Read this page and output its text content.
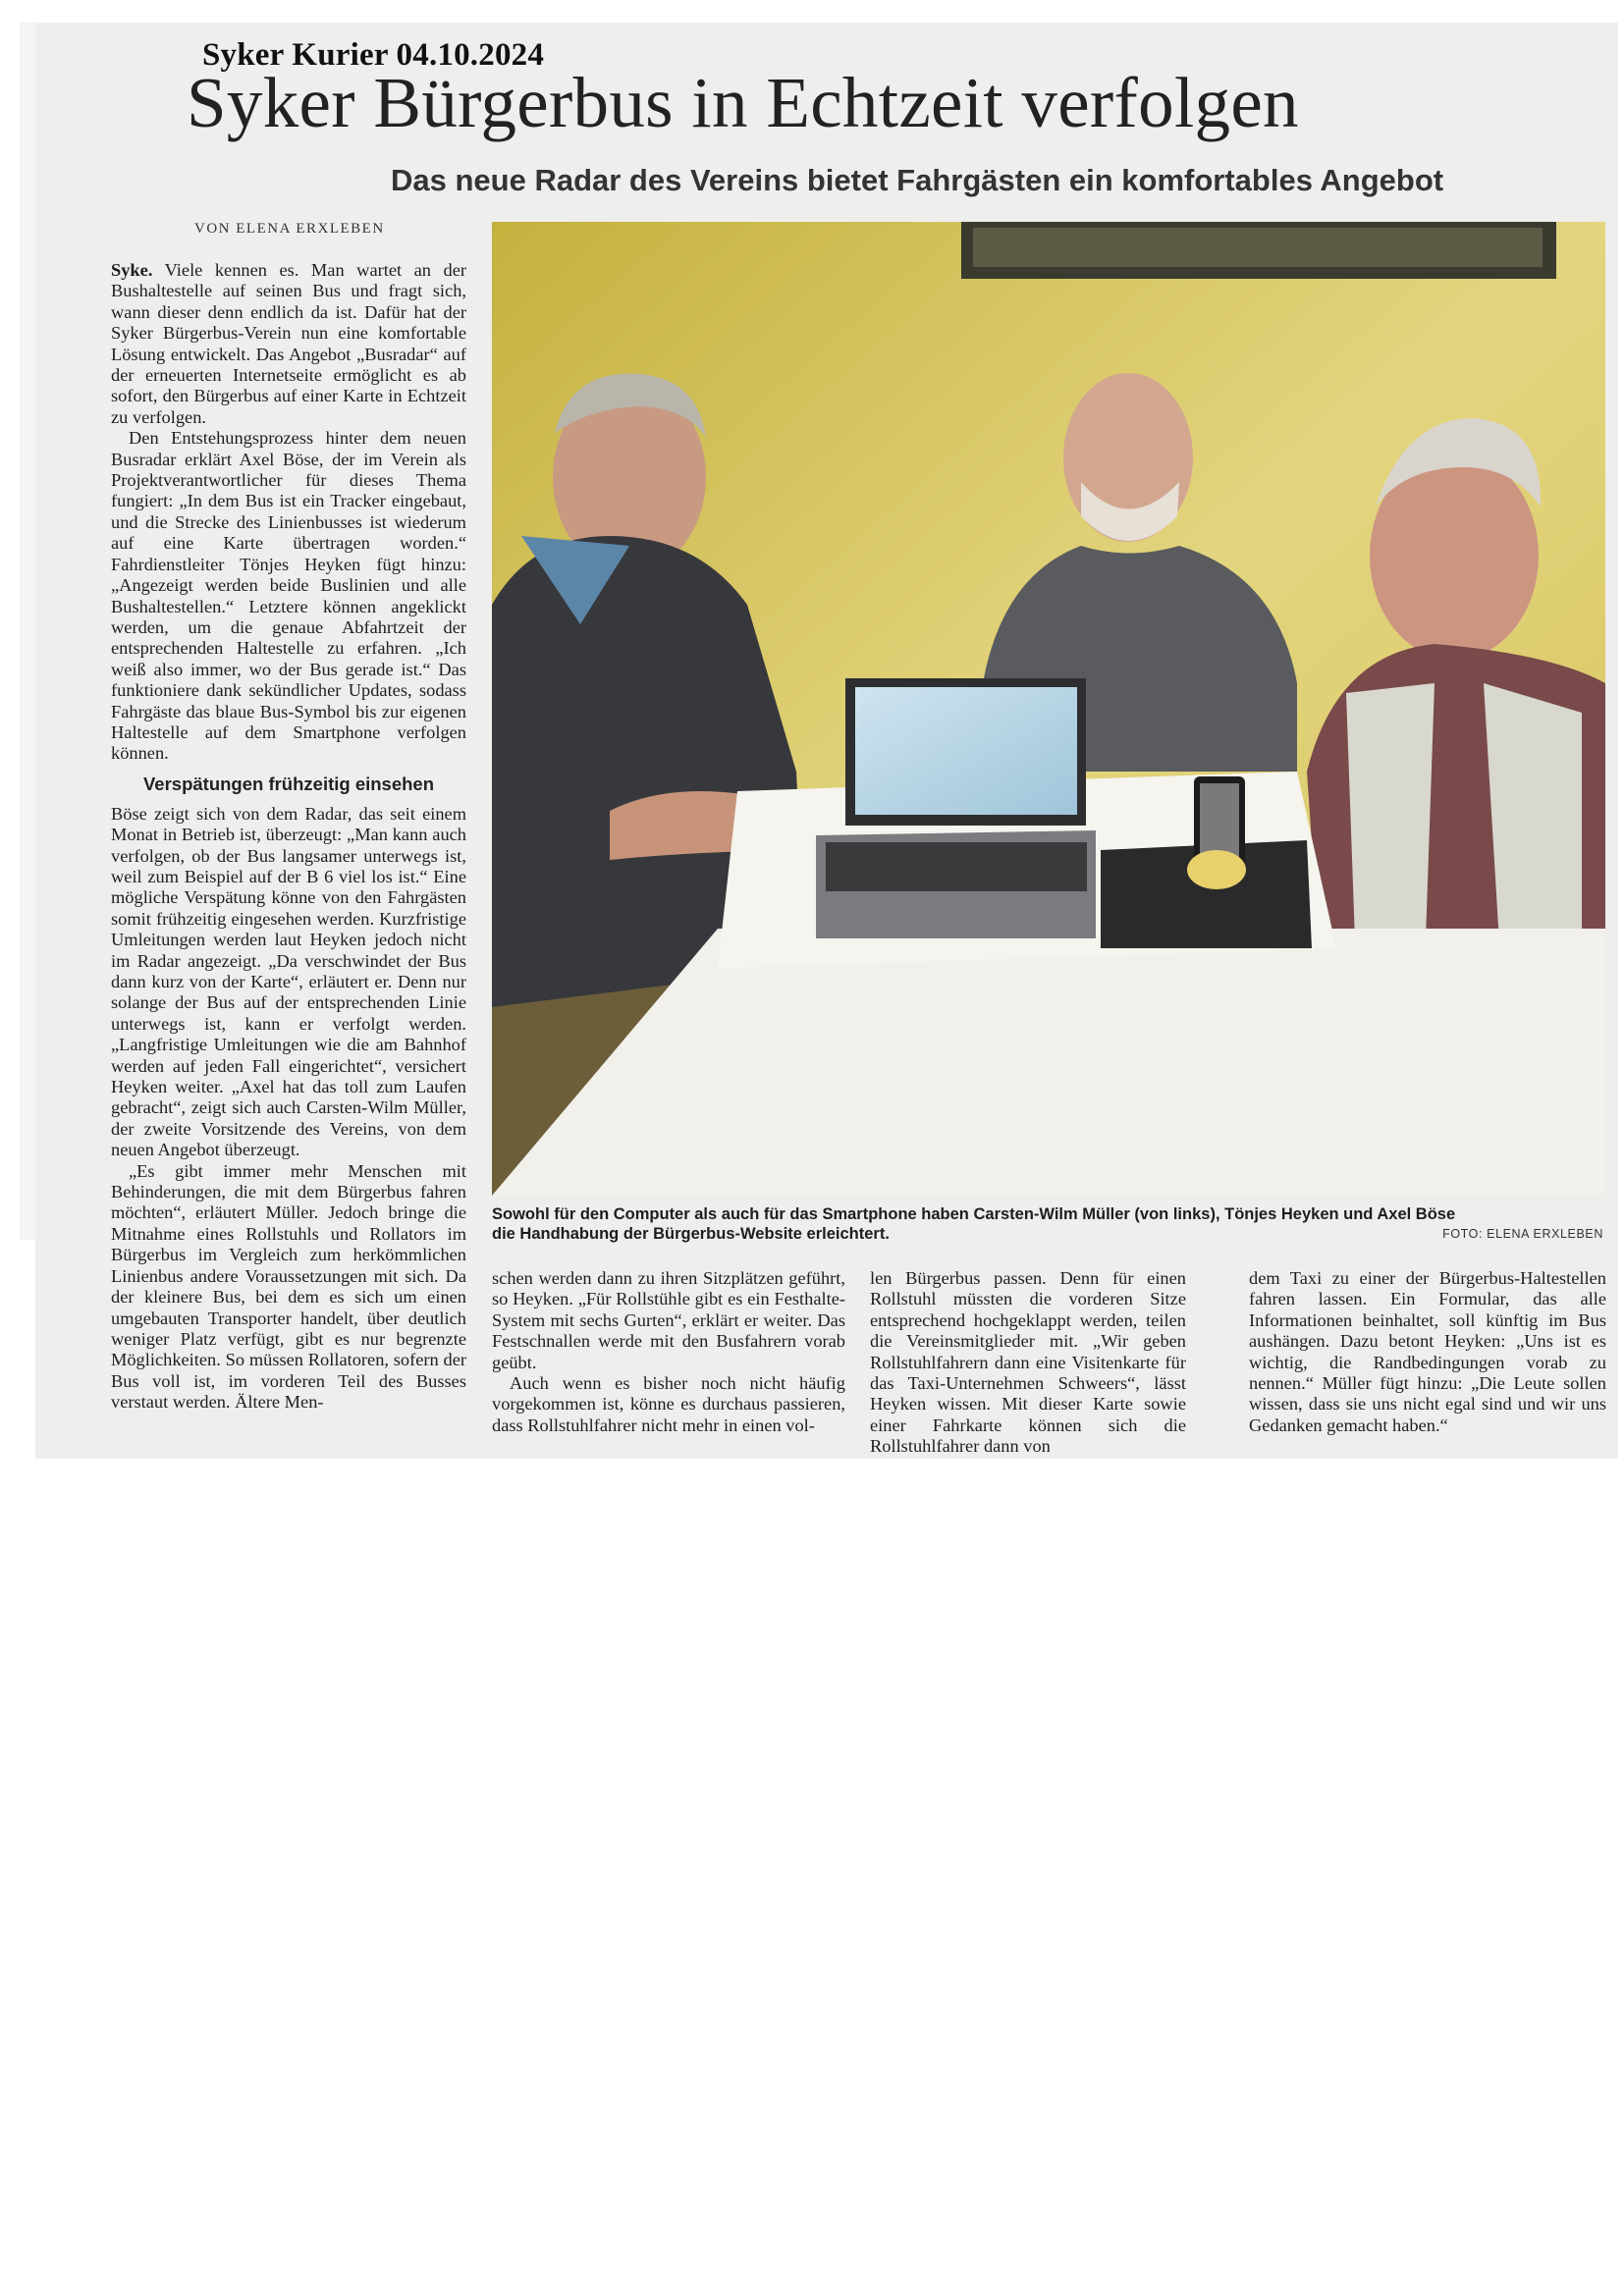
Syker Kurier 04.10.2024
Syker Bürgerbus in Echtzeit verfolgen
Das neue Radar des Vereins bietet Fahrgästen ein komfortables Angebot
VON ELENA ERXLEBEN

Syke. Viele kennen es. Man wartet an der Bushaltestelle auf seinen Bus und fragt sich, wann dieser denn endlich da ist. Dafür hat der Syker Bürgerbus-Verein nun eine komfortable Lösung entwickelt. Das Angebot „Busradar“ auf der erneuerten Internetseite ermöglicht es ab sofort, den Bürgerbus auf einer Karte in Echtzeit zu verfolgen.

Den Entstehungsprozess hinter dem neuen Busradar erklärt Axel Böse, der im Verein als Projektverantwortlicher für dieses Thema fungiert: „In dem Bus ist ein Tracker eingebaut, und die Strecke des Linienbusses ist wiederum auf eine Karte übertragen worden.“ Fahrdienstleiter Tönjes Heyken fügt hinzu: „Angezeigt werden beide Buslinien und alle Bushaltestellen.“ Letztere können angeklickt werden, um die genaue Abfahrtzeit der entsprechenden Haltestelle zu erfahren. „Ich weiß also immer, wo der Bus gerade ist.“ Das funktioniere dank sekündlicher Updates, sodass Fahrgäste das blaue Bus-Symbol bis zur eigenen Haltestelle auf dem Smartphone verfolgen können.

Verspätungen frühzeitig einsehen

Böse zeigt sich von dem Radar, das seit einem Monat in Betrieb ist, überzeugt: „Man kann auch verfolgen, ob der Bus langsamer unterwegs ist, weil zum Beispiel auf der B 6 viel los ist.“ Eine mögliche Verspätung könne von den Fahrgästen somit frühzeitig eingesehen werden. Kurzfristige Umleitungen werden laut Heyken jedoch nicht im Radar angezeigt. „Da verschwindet der Bus dann kurz von der Karte“, erläutert er. Denn nur solange der Bus auf der entsprechenden Linie unterwegs ist, kann er verfolgt werden. „Langfristige Umleitungen wie die am Bahnhof werden auf jeden Fall eingerichtet“, versichert Heyken weiter. „Axel hat das toll zum Laufen gebracht“, zeigt sich auch Carsten-Wilm Müller, der zweite Vorsitzende des Vereins, von dem neuen Angebot überzeugt.

„Es gibt immer mehr Menschen mit Behinderungen, die mit dem Bürgerbus fahren möchten“, erläutert Müller. Jedoch bringe die Mitnahme eines Rollstuhls und Rollators im Bürgerbus im Vergleich zum herkömmlichen Linienbus andere Voraussetzungen mit sich. Da der kleinere Bus, bei dem es sich um einen umgebauten Transporter handelt, über deutlich weniger Platz verfügt, gibt es nur begrenzte Möglichkeiten. So müssen Rollatoren, sofern der Bus voll ist, im vorderen Teil des Busses verstaut werden. Ältere Men-

Sowohl für den Computer als auch für das Smartphone haben Carsten-Wilm Müller (von links), Tönjes Heyken und Axel Böse die Handhabung der Bürgerbus-Website erleichtert.	FOTO: ELENA ERXLEBEN

schen werden dann zu ihren Sitzplätzen geführt, so Heyken. „Für Rollstühle gibt es ein Festhalte-System mit sechs Gurten“, erklärt er weiter. Das Festschnallen werde mit den Busfahrern vorab geübt.

Auch wenn es bisher noch nicht häufig vorgekommen ist, könne es durchaus passieren, dass Rollstuhlfahrer nicht mehr in einen vol-

len Bürgerbus passen. Denn für einen Rollstuhl müssten die vorderen Sitze entsprechend hochgeklappt werden, teilen die Vereinsmitglieder mit. „Wir geben Rollstuhlfahrern dann eine Visitenkarte für das Taxi-Unternehmen Schweers“, lässt Heyken wissen. Mit dieser Karte sowie einer Fahrkarte können sich die Rollstuhlfahrer dann von

dem Taxi zu einer der Bürgerbus-Haltestellen fahren lassen. Ein Formular, das alle Informationen beinhaltet, soll künftig im Bus aushängen. Dazu betont Heyken: „Uns ist es wichtig, die Randbedingungen vorab zu nennen.“ Müller fügt hinzu: „Die Leute sollen wissen, dass sie uns nicht egal sind und wir uns Gedanken gemacht haben.“
